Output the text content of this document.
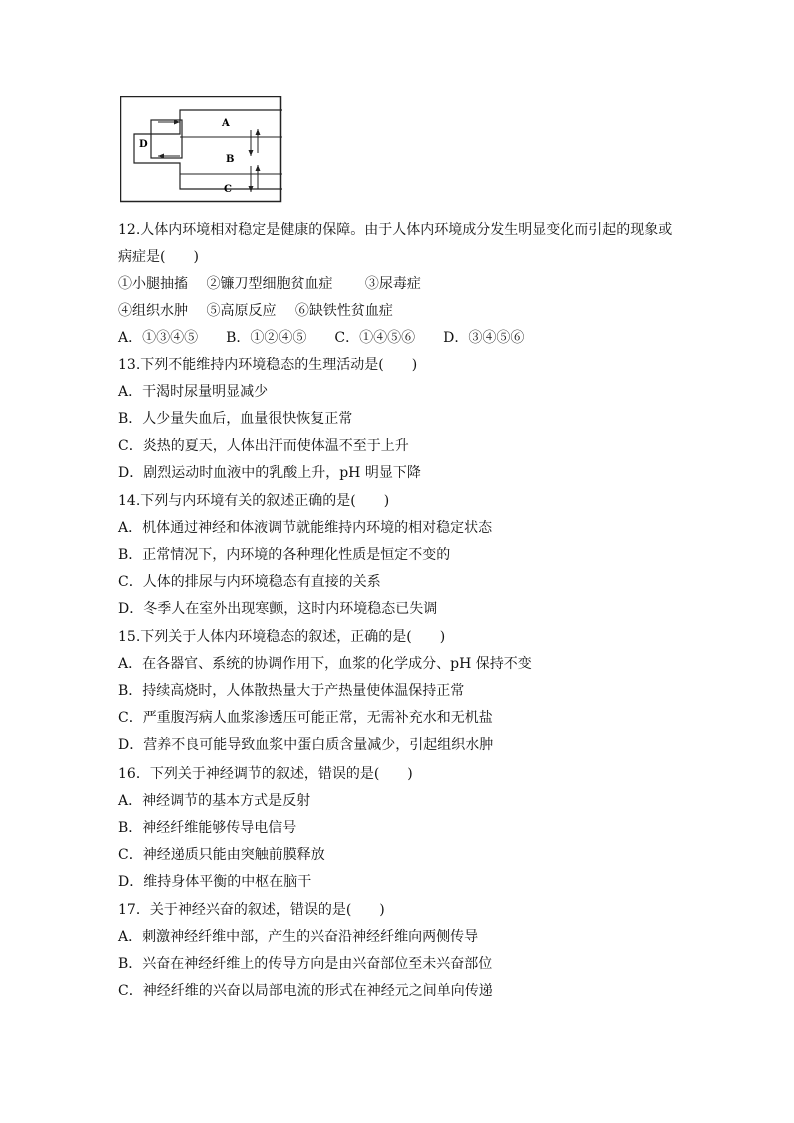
A
B
C
D
12.人体内环境相对稳定是健康的保障。由于人体内环境成分发生明显变化而引起的现象或
病症是(　　)
①小腿抽搐　 ②镰刀型细胞贫血症　　 ③尿毒症
④组织水肿　 ⑤高原反应　 ⑥缺铁性贫血症
A．①③④⑤　　B．①②④⑤　　C．①④⑤⑥　　D．③④⑤⑥
13.下列不能维持内环境稳态的生理活动是(　　)
A．干渴时尿量明显减少
B．人少量失血后，血量很快恢复正常
C．炎热的夏天，人体出汗而使体温不至于上升
D．剧烈运动时血液中的乳酸上升，pH 明显下降
14.下列与内环境有关的叙述正确的是(　　)
A．机体通过神经和体液调节就能维持内环境的相对稳定状态
B．正常情况下，内环境的各种理化性质是恒定不变的
C．人体的排尿与内环境稳态有直接的关系
D．冬季人在室外出现寒颤，这时内环境稳态已失调
15.下列关于人体内环境稳态的叙述，正确的是(　　)
A．在各器官、系统的协调作用下，血浆的化学成分、pH 保持不变
B．持续高烧时，人体散热量大于产热量使体温保持正常
C．严重腹泻病人血浆渗透压可能正常，无需补充水和无机盐
D．营养不良可能导致血浆中蛋白质含量减少，引起组织水肿
16．下列关于神经调节的叙述，错误的是(　　)
A．神经调节的基本方式是反射
B．神经纤维能够传导电信号
C．神经递质只能由突触前膜释放
D．维持身体平衡的中枢在脑干
17．关于神经兴奋的叙述，错误的是(　　)
A．刺激神经纤维中部，产生的兴奋沿神经纤维向两侧传导
B．兴奋在神经纤维上的传导方向是由兴奋部位至未兴奋部位
C．神经纤维的兴奋以局部电流的形式在神经元之间单向传递
